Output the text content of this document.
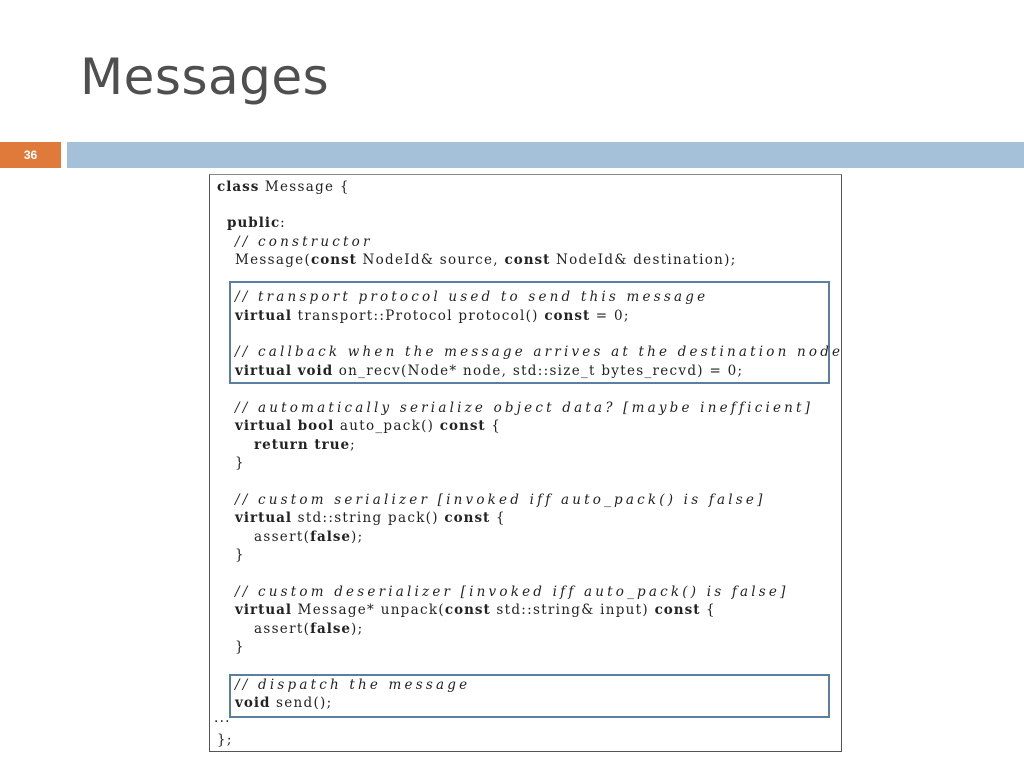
Messages
36
class Message {
public:
// constructor
Message(const NodeId& source, const NodeId& destination);
// transport protocol used to send this message
virtual transport::Protocol protocol() const = 0;
// callback when the message arrives at the destination node
virtual void on_recv(Node* node, std::size_t bytes_recvd) = 0;
// automatically serialize object data? [maybe inefficient]
virtual bool auto_pack() const {
return true;
}
// custom serializer [invoked iff auto_pack() is false]
virtual std::string pack() const {
assert(false);
}
// custom deserializer [invoked iff auto_pack() is false]
virtual Message* unpack(const std::string& input) const {
assert(false);
}
// dispatch the message
void send();
...
};
